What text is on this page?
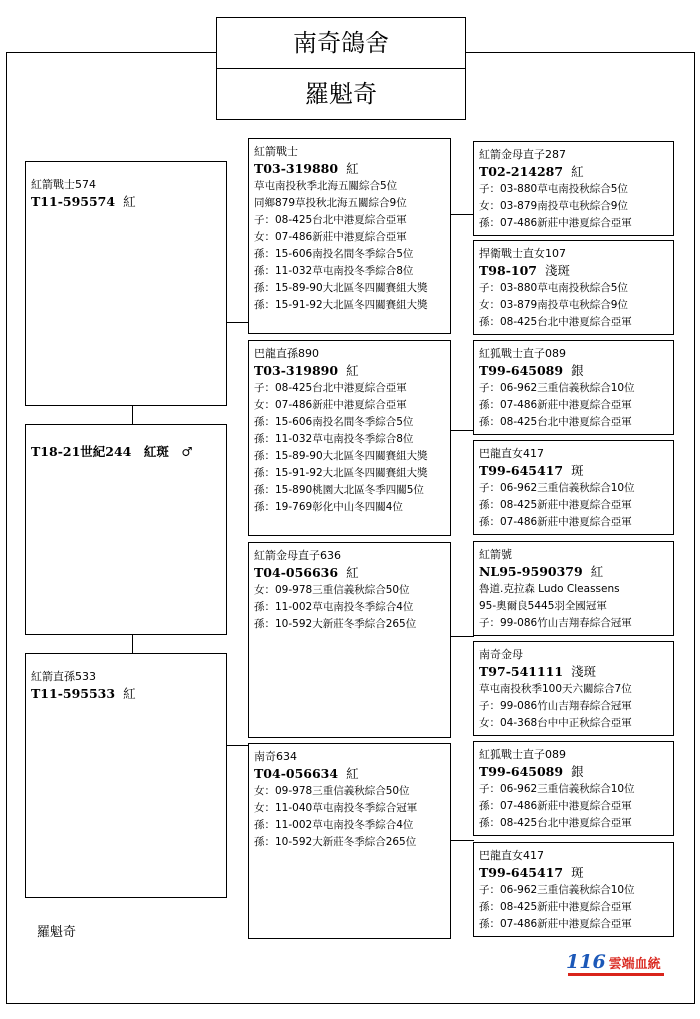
南奇鴿舍
羅魁奇
T18-21世紀244　紅斑　♂
紅箭戰士574
T11-595574 紅
紅箭直孫533
T11-595533 紅
紅箭戰士
T03-319880 紅
草屯南投秋季北海五關綜合5位
同鄉879草投秋北海五關綜合9位
子：08-425台北中港夏綜合亞軍
女：07-486新莊中港夏綜合亞軍
孫：15-606南投名間冬季綜合5位
孫：11-032草屯南投冬季綜合8位
孫：15-89-90大北區冬四關賽組大獎
孫：15-91-92大北區冬四關賽組大獎
巴龍直孫890
T03-319890 紅
子：08-425台北中港夏綜合亞軍
女：07-486新莊中港夏綜合亞軍
孫：15-606南投名間冬季綜合5位
孫：11-032草屯南投冬季綜合8位
孫：15-89-90大北區冬四關賽組大獎
孫：15-91-92大北區冬四關賽組大獎
孫：15-890桃園大北區冬季四關5位
孫：19-769彰化中山冬四關4位
紅箭金母直子636
T04-056636 紅
女：09-978三重信義秋綜合50位
孫：11-002草屯南投冬季綜合4位
孫：10-592大新莊冬季綜合265位
南奇634
T04-056634 紅
女：09-978三重信義秋綜合50位
女：11-040草屯南投冬季綜合冠軍
孫：11-002草屯南投冬季綜合4位
孫：10-592大新莊冬季綜合265位
紅箭金母直子287
T02-214287 紅
子：03-880草屯南投秋綜合5位
女：03-879南投草屯秋綜合9位
孫：07-486新莊中港夏綜合亞軍
捍衛戰士直女107
T98-107 淺斑
子：03-880草屯南投秋綜合5位
女：03-879南投草屯秋綜合9位
孫：08-425台北中港夏綜合亞軍
紅狐戰士直子089
T99-645089 銀
子：06-962三重信義秋綜合10位
孫：07-486新莊中港夏綜合亞軍
孫：08-425台北中港夏綜合亞軍
巴龍直女417
T99-645417 斑
子：06-962三重信義秋綜合10位
孫：08-425新莊中港夏綜合亞軍
孫：07-486新莊中港夏綜合亞軍
紅箭號
NL95-9590379 紅
魯道.克拉森 Ludo Cleassens
95-奧爾良5445羽全國冠軍
子：99-086竹山吉翔春綜合冠軍
南奇金母
T97-541111 淺斑
草屯南投秋季100天六關綜合7位
子：99-086竹山吉翔春綜合冠軍
女：04-368台中中正秋綜合亞軍
紅狐戰士直子089
T99-645089 銀
子：06-962三重信義秋綜合10位
孫：07-486新莊中港夏綜合亞軍
孫：08-425台北中港夏綜合亞軍
巴龍直女417
T99-645417 斑
子：06-962三重信義秋綜合10位
孫：08-425新莊中港夏綜合亞軍
孫：07-486新莊中港夏綜合亞軍
羅魁奇
116 雲端血統
